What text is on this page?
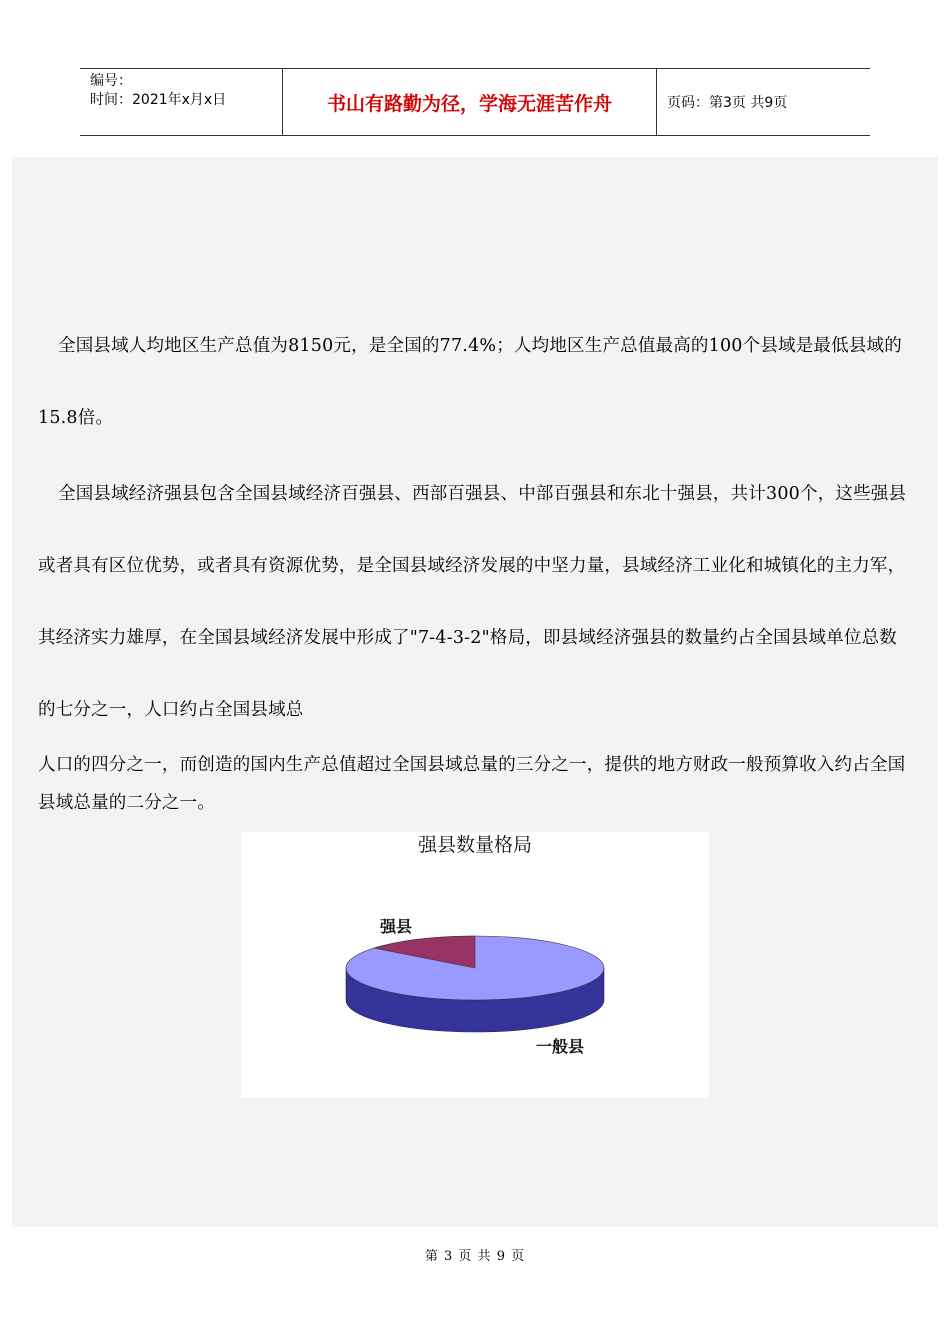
编号：
时间：2021年x月x日	书山有路勤为径，学海无涯苦作舟	页码：第3页 共9页
全国县域人均地区生产总值为8150元，是全国的77.4%；人均地区生产总值最高的100个县域是最低县域的15.8倍。
全国县域经济强县包含全国县域经济百强县、西部百强县、中部百强县和东北十强县，共计300个，这些强县或者具有区位优势，或者具有资源优势，是全国县域经济发展的中坚力量，县域经济工业化和城镇化的主力军，其经济实力雄厚，在全国县域经济发展中形成了"7-4-3-2"格局，即县域经济强县的数量约占全国县域单位总数的七分之一，人口约占全国县域总
人口的四分之一，而创造的国内生产总值超过全国县域总量的三分之一，提供的地方财政一般预算收入约占全国县域总量的二分之一。
强县数量格局
强县
一般县
第 3 页 共 9 页
